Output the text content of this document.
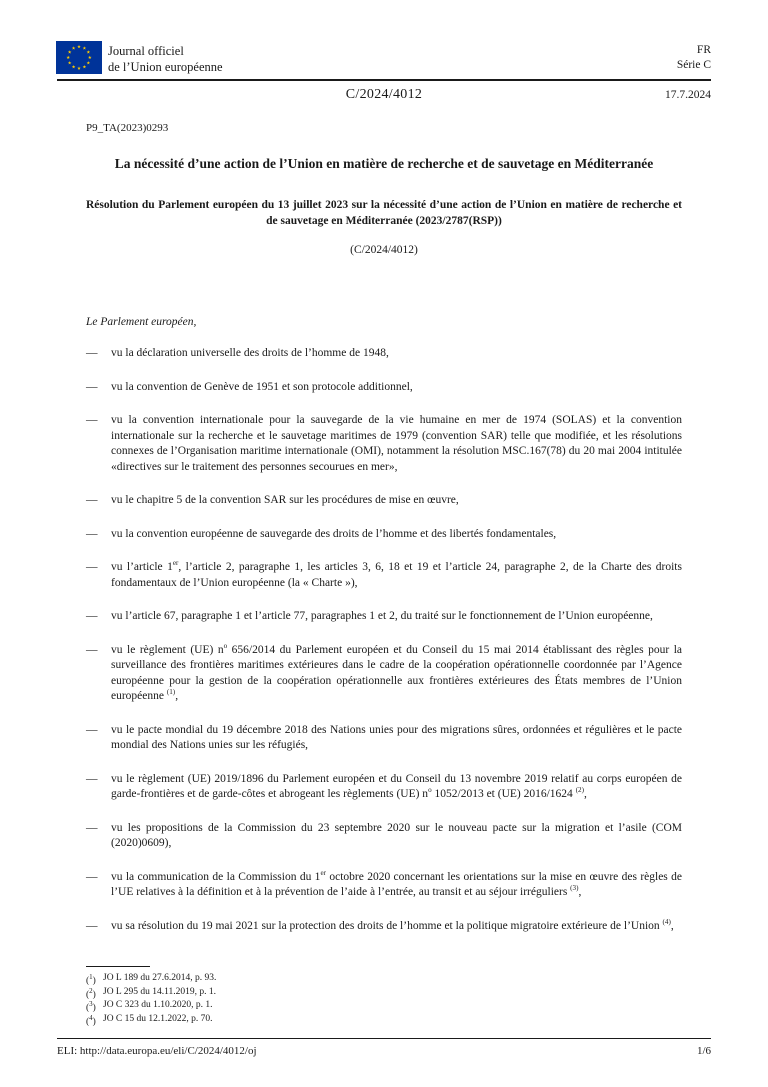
Journal officiel
de l’Union européenne
FR
Série C
C/2024/4012	17.7.2024
P9_TA(2023)0293
La nécessité d’une action de l’Union en matière de recherche et de sauvetage en Méditerranée
Résolution du Parlement européen du 13 juillet 2023 sur la nécessité d’une action de l’Union en matière de recherche et de sauvetage en Méditerranée (2023/2787(RSP))
(C/2024/4012)
Le Parlement européen,
— vu la déclaration universelle des droits de l’homme de 1948,
— vu la convention de Genève de 1951 et son protocole additionnel,
— vu la convention internationale pour la sauvegarde de la vie humaine en mer de 1974 (SOLAS) et la convention internationale sur la recherche et le sauvetage maritimes de 1979 (convention SAR) telle que modifiée, et les résolutions connexes de l’Organisation maritime internationale (OMI), notamment la résolution MSC.167(78) du 20 mai 2004 intitulée «directives sur le traitement des personnes secourues en mer»,
— vu le chapitre 5 de la convention SAR sur les procédures de mise en œuvre,
— vu la convention européenne de sauvegarde des droits de l’homme et des libertés fondamentales,
— vu l’article 1er, l’article 2, paragraphe 1, les articles 3, 6, 18 et 19 et l’article 24, paragraphe 2, de la Charte des droits fondamentaux de l’Union européenne (la « Charte »),
— vu l’article 67, paragraphe 1 et l’article 77, paragraphes 1 et 2, du traité sur le fonctionnement de l’Union européenne,
— vu le règlement (UE) $n^o$ 656/2014 du Parlement européen et du Conseil du 15 mai 2014 établissant des règles pour la surveillance des frontières maritimes extérieures dans le cadre de la coopération opérationnelle coordonnée par l’Agence européenne pour la gestion de la coopération opérationnelle aux frontières extérieures des États membres de l’Union européenne $^{(1)}$,
— vu le pacte mondial du 19 décembre 2018 des Nations unies pour des migrations sûres, ordonnées et régulières et le pacte mondial des Nations unies sur les réfugiés,
— vu le règlement (UE) 2019/1896 du Parlement européen et du Conseil du 13 novembre 2019 relatif au corps européen de garde-frontières et de garde-côtes et abrogeant les règlements (UE) $n^o$ 1052/2013 et (UE) 2016/1624 $^{(2)}$,
— vu les propositions de la Commission du 23 septembre 2020 sur le nouveau pacte sur la migration et l’asile (COM (2020)0609),
— vu la communication de la Commission du 1er octobre 2020 concernant les orientations sur la mise en œuvre des règles de l’UE relatives à la définition et à la prévention de l’aide à l’entrée, au transit et au séjour irréguliers $^{(3)}$,
— vu sa résolution du 19 mai 2021 sur la protection des droits de l’homme et la politique migratoire extérieure de l’Union $^{(4)}$,
($^1$) JO L 189 du 27.6.2014, p. 93.
($^2$) JO L 295 du 14.11.2019, p. 1.
($^3$) JO C 323 du 1.10.2020, p. 1.
($^4$) JO C 15 du 12.1.2022, p. 70.
ELI: http://data.europa.eu/eli/C/2024/4012/oj	1/6
